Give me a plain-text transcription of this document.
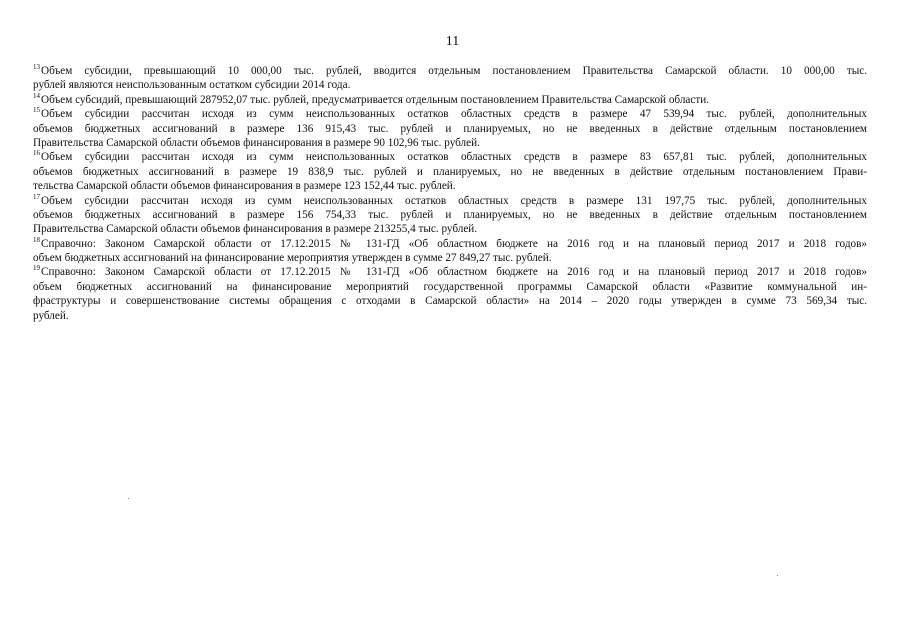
11
$^{13}$Объем субсидии, превышающий 10 000,00 тыс. рублей, вводится отдельным постановлением Правительства Самарской области. 10 000,00 тыс.
рублей являются неиспользованным остатком субсидии 2014 года.
$^{14}$Объем субсидий, превышающий 287952,07 тыс. рублей, предусматривается отдельным постановлением Правительства Самарской области.
$^{15}$Объем субсидии рассчитан исходя из сумм неиспользованных остатков областных средств в размере 47 539,94 тыс. рублей, дополнительных
объемов бюджетных ассигнований в размере 136 915,43 тыс. рублей и планируемых, но не введенных в действие отдельным постановлением
Правительства Самарской области объемов финансирования в размере 90 102,96 тыс. рублей.
$^{16}$Объем субсидии рассчитан исходя из сумм неиспользованных остатков областных средств в размере 83 657,81 тыс. рублей, дополнительных
объемов бюджетных ассигнований в размере 19 838,9 тыс. рублей и планируемых, но не введенных в действие отдельным постановлением Прави-
тельства Самарской области объемов финансирования в размере 123 152,44 тыс. рублей.
$^{17}$Объем субсидии рассчитан исходя из сумм неиспользованных остатков областных средств в размере 131 197,75 тыс. рублей, дополнительных
объемов бюджетных ассигнований в размере 156 754,33 тыс. рублей и планируемых, но не введенных в действие отдельным постановлением
Правительства Самарской области объемов финансирования в размере 213255,4 тыс. рублей.
$^{18}$Справочно: Законом Самарской области от 17.12.2015 № 131-ГД «Об областном бюджете на 2016 год и на плановый период 2017 и 2018 годов»
объем бюджетных ассигнований на финансирование мероприятия утвержден в сумме 27 849,27 тыс. рублей.
$^{19}$Справочно: Законом Самарской области от 17.12.2015 № 131-ГД «Об областном бюджете на 2016 год и на плановый период 2017 и 2018 годов»
объем бюджетных ассигнований на финансирование мероприятий государственной программы Самарской области «Развитие коммунальной ин-
фраструктуры и совершенствование системы обращения с отходами в Самарской области» на 2014 – 2020 годы утвержден в сумме 73 569,34 тыс.
рублей.
